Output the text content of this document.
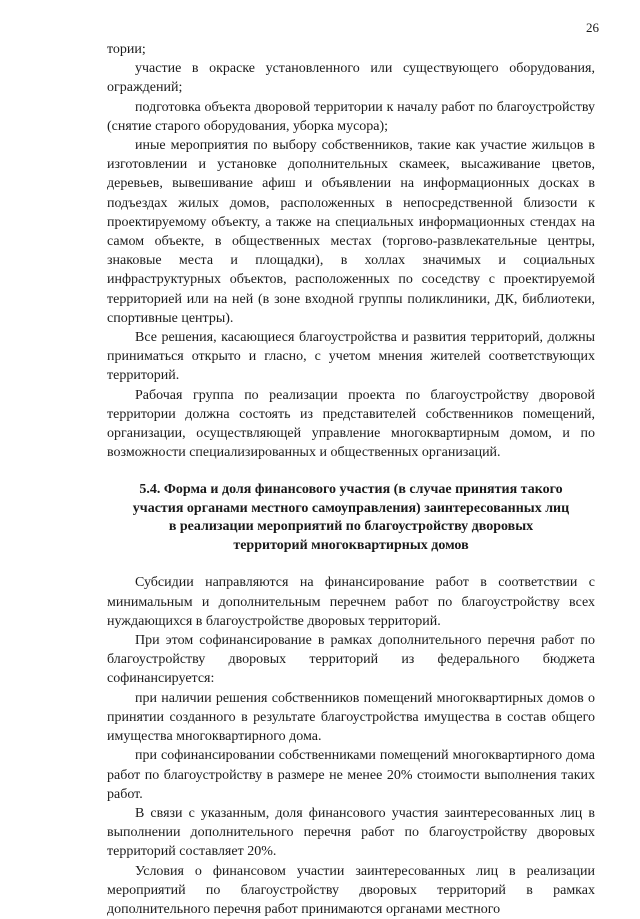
26

тории;

участие в окраске установленного или существующего оборудования, ограждений;

подготовка объекта дворовой территории к началу работ по благоустройству (снятие старого оборудования, уборка мусора);

иные мероприятия по выбору собственников, такие как участие жильцов в изготовлении и установке дополнительных скамеек, высаживание цветов, деревьев, вывешивание афиш и объявлении на информационных досках в подъездах жилых домов, расположенных в непосредственной близости к проектируемому объекту, а также на специальных информационных стендах на самом объекте, в общественных местах (торгово-развлекательные центры, знаковые места и площадки), в холлах значимых и социальных инфраструктурных объектов, расположенных по соседству с проектируемой территорией или на ней (в зоне входной группы поликлиники, ДК, библиотеки, спортивные центры).

Все решения, касающиеся благоустройства и развития территорий, должны приниматься открыто и гласно, с учетом мнения жителей соответствующих территорий.

Рабочая группа по реализации проекта по благоустройству дворовой территории должна состоять из представителей собственников помещений, организации, осуществляющей управление многоквартирным домом, и по возможности специализированных и общественных организаций.

5.4. Форма и доля финансового участия (в случае принятия такого
участия органами местного самоуправления) заинтересованных лиц
в реализации мероприятий по благоустройству дворовых
территорий многоквартирных домов

Субсидии направляются на финансирование работ в соответствии с минимальным и дополнительным перечнем работ по благоустройству всех нуждающихся в благоустройстве дворовых территорий.

При этом софинансирование в рамках дополнительного перечня работ по благоустройству дворовых территорий из федерального бюджета софинансируется:

при наличии решения собственников помещений многоквартирных домов о принятии созданного в результате благоустройства имущества в состав общего имущества многоквартирного дома.

при софинансировании собственниками помещений многоквартирного дома работ по благоустройству в размере не менее 20% стоимости выполнения таких работ.

В связи с указанным, доля финансового участия заинтересованных лиц в выполнении дополнительного перечня работ по благоустройству дворовых территорий составляет 20%.

Условия о финансовом участии заинтересованных лиц в реализации мероприятий по благоустройству дворовых территорий в рамках дополнительного перечня работ принимаются органами местного
